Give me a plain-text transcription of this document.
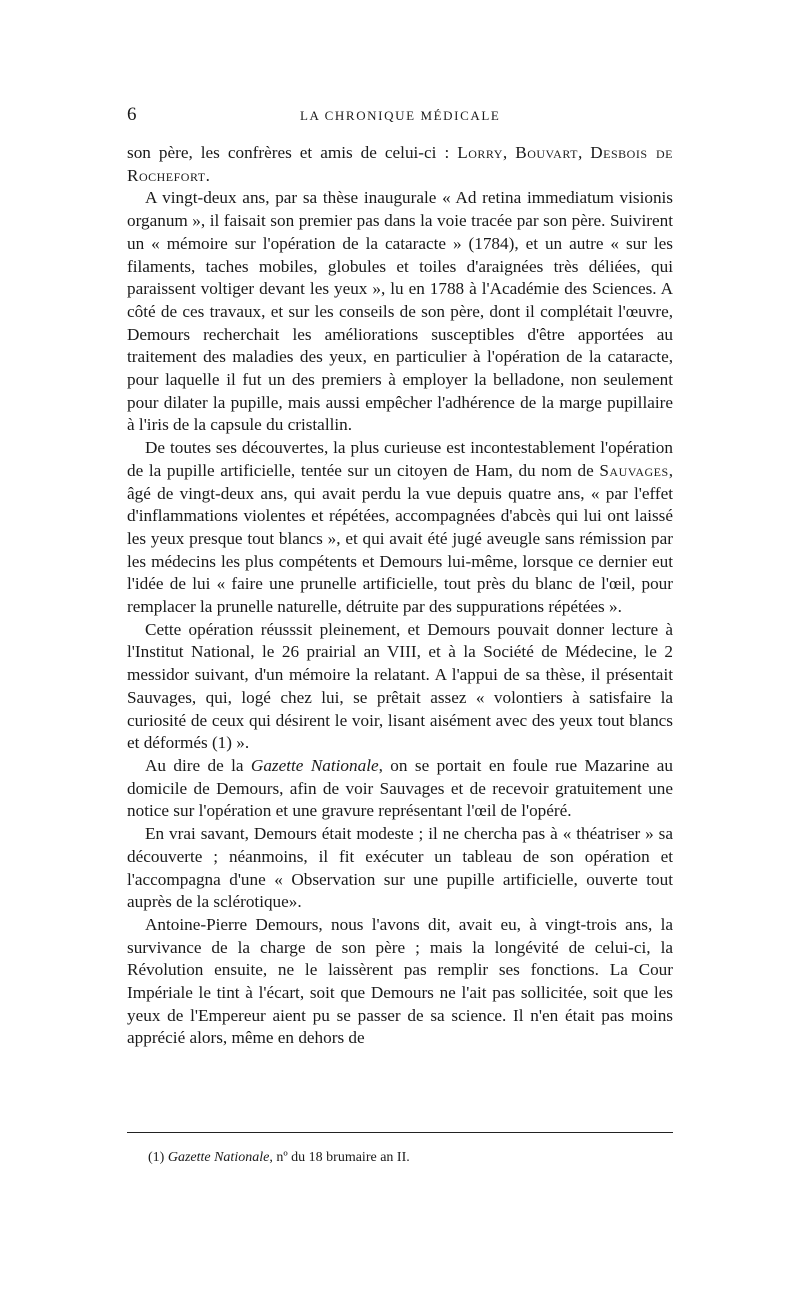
6	LA CHRONIQUE MÉDICALE

son père, les confrères et amis de celui-ci : Lorry, Bouvart, Desbois de Rochefort.

A vingt-deux ans, par sa thèse inaugurale « Ad retina immediatum visionis organum », il faisait son premier pas dans la voie tracée par son père. Suivirent un « mémoire sur l'opération de la cataracte » (1784), et un autre « sur les filaments, taches mobiles, globules et toiles d'araignées très déliées, qui paraissent voltiger devant les yeux », lu en 1788 à l'Académie des Sciences. A côté de ces travaux, et sur les conseils de son père, dont il complétait l'œuvre, Demours recherchait les améliorations susceptibles d'être apportées au traitement des maladies des yeux, en particulier à l'opération de la cataracte, pour laquelle il fut un des premiers à employer la belladone, non seulement pour dilater la pupille, mais aussi empêcher l'adhérence de la marge pupillaire à l'iris de la capsule du cristallin.

De toutes ses découvertes, la plus curieuse est incontestablement l'opération de la pupille artificielle, tentée sur un citoyen de Ham, du nom de Sauvages, âgé de vingt-deux ans, qui avait perdu la vue depuis quatre ans, « par l'effet d'inflammations violentes et répétées, accompagnées d'abcès qui lui ont laissé les yeux presque tout blancs », et qui avait été jugé aveugle sans rémission par les médecins les plus compétents et Demours lui-même, lorsque ce dernier eut l'idée de lui « faire une prunelle artificielle, tout près du blanc de l'œil, pour remplacer la prunelle naturelle, détruite par des suppurations répétées ».

Cette opération réusssit pleinement, et Demours pouvait donner lecture à l'Institut National, le 26 prairial an VIII, et à la Société de Médecine, le 2 messidor suivant, d'un mémoire la relatant. A l'appui de sa thèse, il présentait Sauvages, qui, logé chez lui, se prêtait assez « volontiers à satisfaire la curiosité de ceux qui désirent le voir, lisant aisément avec des yeux tout blancs et déformés (1) ».

Au dire de la Gazette Nationale, on se portait en foule rue Mazarine au domicile de Demours, afin de voir Sauvages et de recevoir gratuitement une notice sur l'opération et une gravure représentant l'œil de l'opéré.

En vrai savant, Demours était modeste ; il ne chercha pas à « théatriser » sa découverte ; néanmoins, il fit exécuter un tableau de son opération et l'accompagna d'une « Observation sur une pupille artificielle, ouverte tout auprès de la sclérotique».

Antoine-Pierre Demours, nous l'avons dit, avait eu, à vingt-trois ans, la survivance de la charge de son père ; mais la longévité de celui-ci, la Révolution ensuite, ne le laissèrent pas remplir ses fonctions. La Cour Impériale le tint à l'écart, soit que Demours ne l'ait pas sollicitée, soit que les yeux de l'Empereur aient pu se passer de sa science. Il n'en était pas moins apprécié alors, même en dehors de

(1) Gazette Nationale, nº du 18 brumaire an II.
